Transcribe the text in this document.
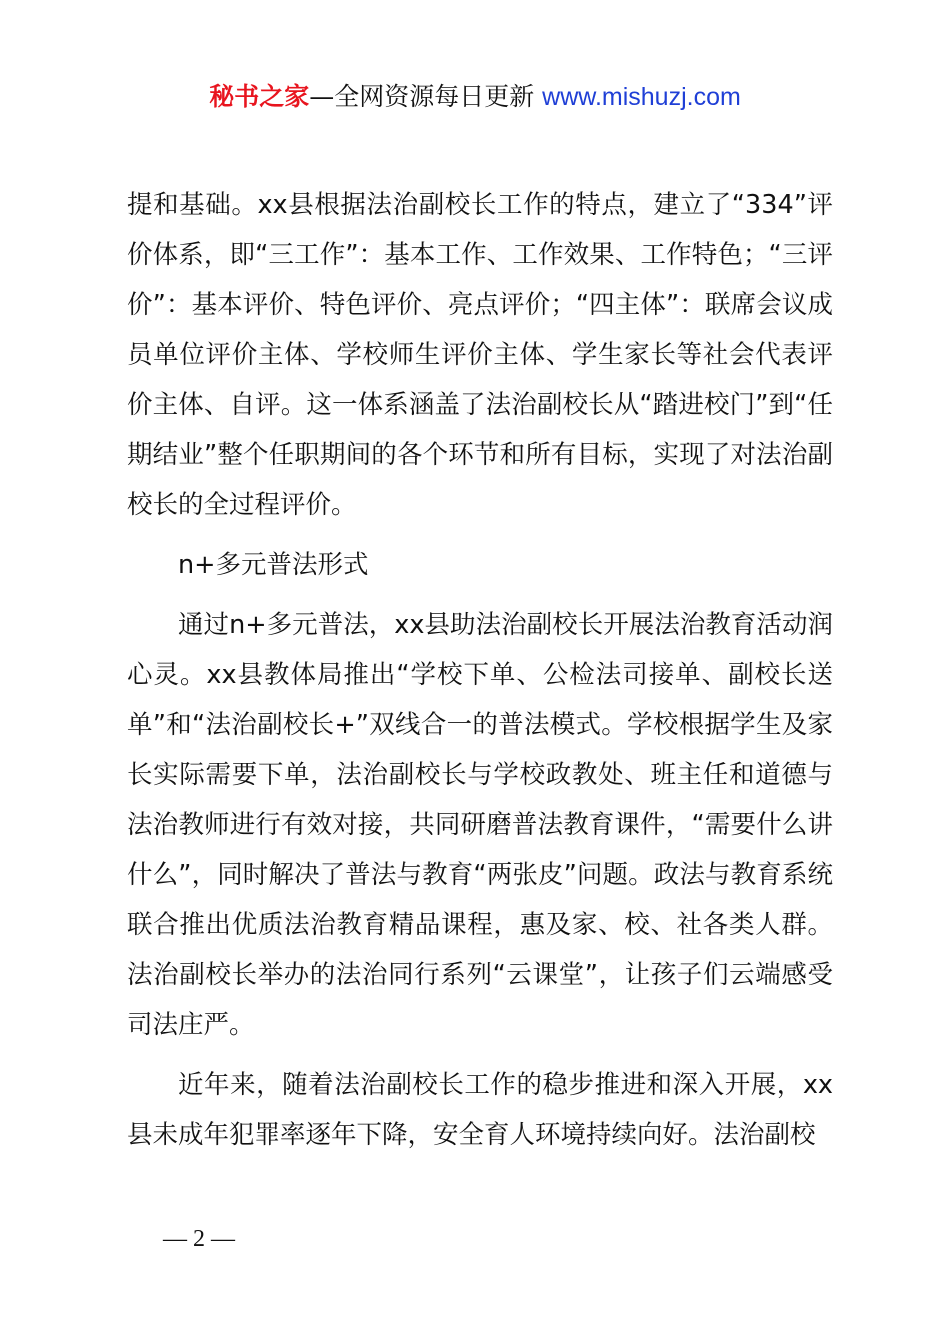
秘书之家—全网资源每日更新 www.mishuzj.com

提和基础。xx县根据法治副校长工作的特点，建立了“334”评价体系，即“三工作”：基本工作、工作效果、工作特色；“三评价”：基本评价、特色评价、亮点评价；“四主体”：联席会议成员单位评价主体、学校师生评价主体、学生家长等社会代表评价主体、自评。这一体系涵盖了法治副校长从“踏进校门”到“任期结业”整个任职期间的各个环节和所有目标，实现了对法治副校长的全过程评价。

n+多元普法形式

通过n+多元普法，xx县助法治副校长开展法治教育活动润心灵。xx县教体局推出“学校下单、公检法司接单、副校长送单”和“法治副校长+”双线合一的普法模式。学校根据学生及家长实际需要下单，法治副校长与学校政教处、班主任和道德与法治教师进行有效对接，共同研磨普法教育课件，“需要什么讲什么”，同时解决了普法与教育“两张皮”问题。政法与教育系统联合推出优质法治教育精品课程，惠及家、校、社各类人群。法治副校长举办的法治同行系列“云课堂”，让孩子们云端感受司法庄严。

近年来，随着法治副校长工作的稳步推进和深入开展，xx县未成年犯罪率逐年下降，安全育人环境持续向好。法治副校

— 2 —
